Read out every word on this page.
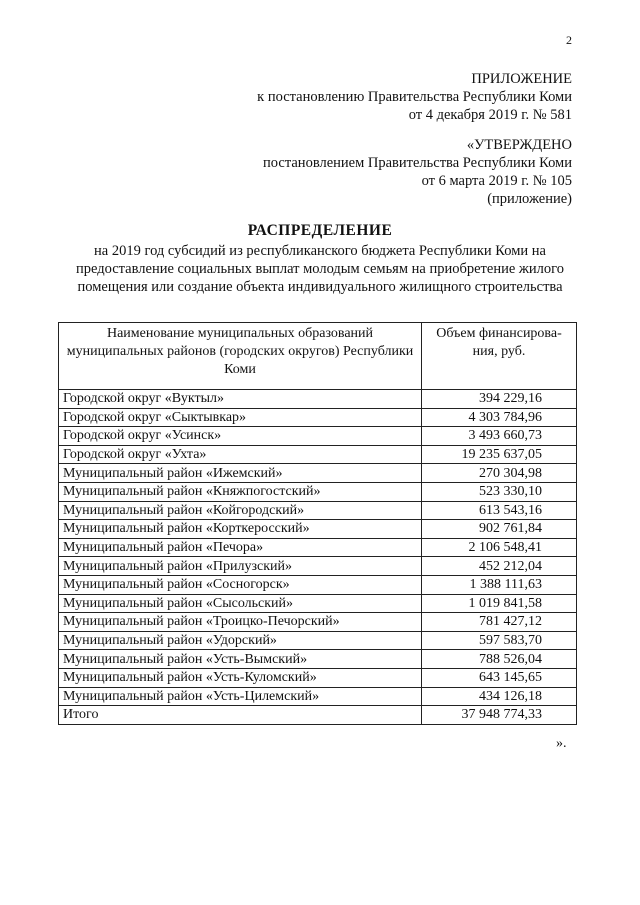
2
ПРИЛОЖЕНИЕ
к постановлению Правительства Республики Коми
от 4 декабря 2019 г. № 581
«УТВЕРЖДЕНО
постановлением Правительства Республики Коми
от 6 марта 2019 г. № 105
(приложение)
РАСПРЕДЕЛЕНИЕ
на 2019 год субсидий из республиканского бюджета Республики Коми на предоставление социальных выплат молодым семьям на приобретение жилого помещения или создание объекта индивидуального жилищного строительства
Наименование муниципальных образований муниципальных районов (городских округов) Республики Коми	Объем финансирова-ния, руб.
Городской округ «Вуктыл»	394 229,16
Городской округ «Сыктывкар»	4 303 784,96
Городской округ «Усинск»	3 493 660,73
Городской округ «Ухта»	19 235 637,05
Муниципальный район «Ижемский»	270 304,98
Муниципальный район «Княжпогостский»	523 330,10
Муниципальный район «Койгородский»	613 543,16
Муниципальный район «Корткеросский»	902 761,84
Муниципальный район «Печора»	2 106 548,41
Муниципальный район «Прилузский»	452 212,04
Муниципальный район «Сосногорск»	1 388 111,63
Муниципальный район «Сысольский»	1 019 841,58
Муниципальный район «Троицко-Печорский»	781 427,12
Муниципальный район «Удорский»	597 583,70
Муниципальный район «Усть-Вымский»	788 526,04
Муниципальный район «Усть-Куломский»	643 145,65
Муниципальный район «Усть-Цилемский»	434 126,18
Итого	37 948 774,33
».
